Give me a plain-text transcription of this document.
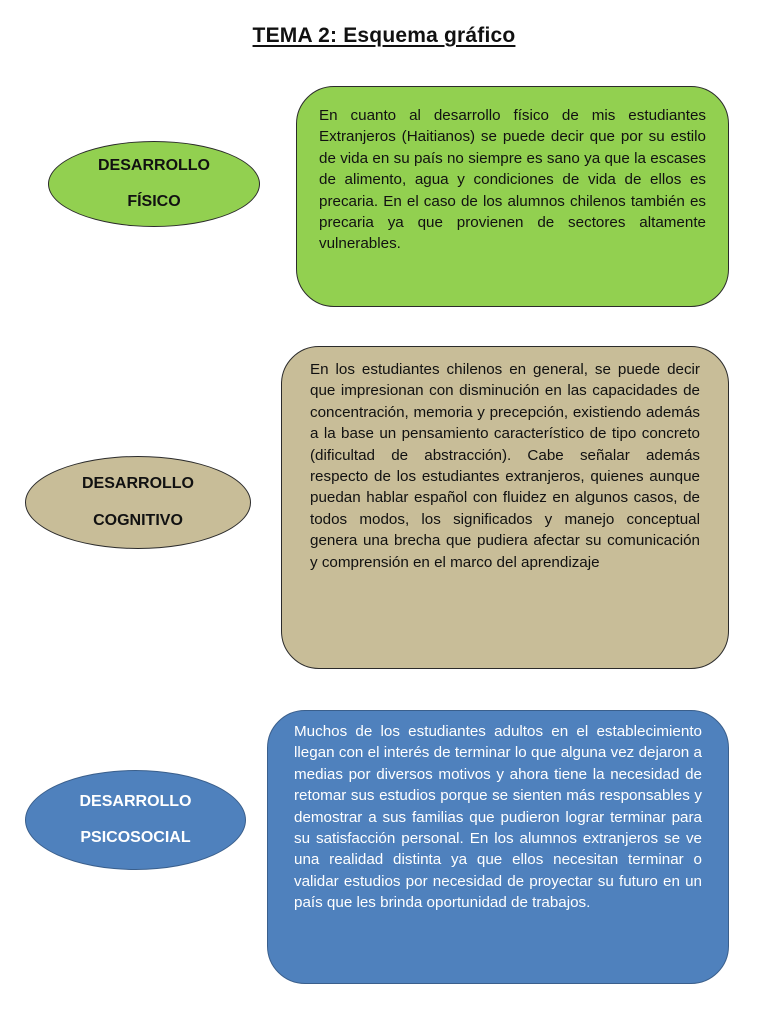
TEMA 2: Esquema gráfico
DESARROLLO
FÍSICO

En cuanto al desarrollo físico de mis estudiantes Extranjeros (Haitianos) se puede decir que por su estilo de vida en su país no siempre es sano ya que la escases de alimento, agua y condiciones de vida de ellos es precaria. En el caso de los alumnos chilenos también es precaria ya que provienen de sectores altamente vulnerables.

DESARROLLO
COGNITIVO

En los estudiantes chilenos en general, se puede decir que impresionan con disminución en las capacidades de concentración, memoria y precepción, existiendo además a la base un pensamiento característico de tipo concreto (dificultad de abstracción). Cabe señalar además respecto de los estudiantes extranjeros, quienes aunque puedan hablar español con fluidez en algunos casos, de todos modos, los significados y manejo conceptual genera una brecha que pudiera afectar su comunicación y comprensión en el marco del aprendizaje

DESARROLLO
PSICOSOCIAL

Muchos de los estudiantes adultos en el establecimiento llegan con el interés de terminar lo que alguna vez dejaron a medias por diversos motivos y ahora tiene la necesidad de retomar sus estudios porque se sienten más responsables y demostrar a sus familias que pudieron lograr terminar para su satisfacción personal. En los alumnos extranjeros se ve una realidad distinta ya que ellos necesitan terminar o validar estudios por necesidad de proyectar su futuro en un país que les brinda oportunidad de trabajos.
